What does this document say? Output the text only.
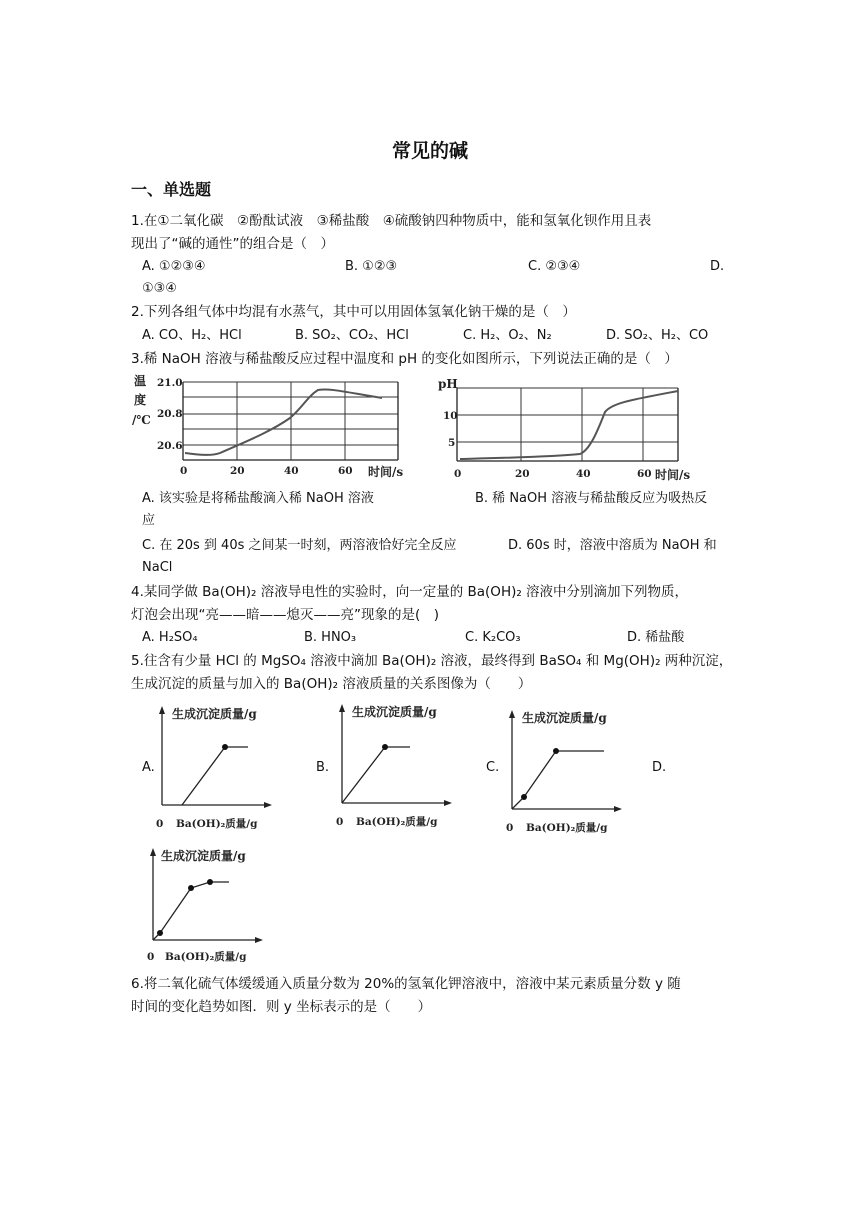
常见的碱
一、单选题
1.在①二氧化碳　②酚酞试液　③稀盐酸　④硫酸钠四种物质中，能和氢氧化钡作用且表
现出了“碱的通性”的组合是（　）
A. ①②③④	B. ①②③	C. ②③④	D.
①③④
2.下列各组气体中均混有水蒸气，其中可以用固体氢氧化钠干燥的是（　）
A. CO、H₂、HCl	B. SO₂、CO₂、HCl	C. H₂、O₂、N₂	D. SO₂、H₂、CO
3.稀 NaOH 溶液与稀盐酸反应过程中温度和 pH 的变化如图所示，下列说法正确的是（　）
温
度
/℃
21.0
20.8
20.6
0	20	40	60 时间/s
pH
10
5
0	20	40	60 时间/s
A. 该实验是将稀盐酸滴入稀 NaOH 溶液	B. 稀 NaOH 溶液与稀盐酸反应为吸热反
应
C. 在 20s 到 40s 之间某一时刻，两溶液恰好完全反应	D. 60s 时，溶液中溶质为 NaOH 和
NaCl
4.某同学做 Ba(OH)₂ 溶液导电性的实验时，向一定量的 Ba(OH)₂ 溶液中分别滴加下列物质，
灯泡会出现“亮——暗——熄灭——亮”现象的是(　)
A. H₂SO₄	B. HNO₃	C. K₂CO₃	D. 稀盐酸
5.往含有少量 HCl 的 MgSO₄ 溶液中滴加 Ba(OH)₂ 溶液，最终得到 BaSO₄ 和 Mg(OH)₂ 两种沉淀，
生成沉淀的质量与加入的 Ba(OH)₂ 溶液质量的关系图像为（　　）
A.	B.	C.	D.
生成沉淀质量/g
0 Ba(OH)₂质量/g
生成沉淀质量/g
0 Ba(OH)₂质量/g
生成沉淀质量/g
0 Ba(OH)₂质量/g
生成沉淀质量/g
0 Ba(OH)₂质量/g
6.将二氧化硫气体缓缓通入质量分数为 20%的氢氧化钾溶液中，溶液中某元素质量分数 y 随
时间的变化趋势如图．则 y 坐标表示的是（　　）
